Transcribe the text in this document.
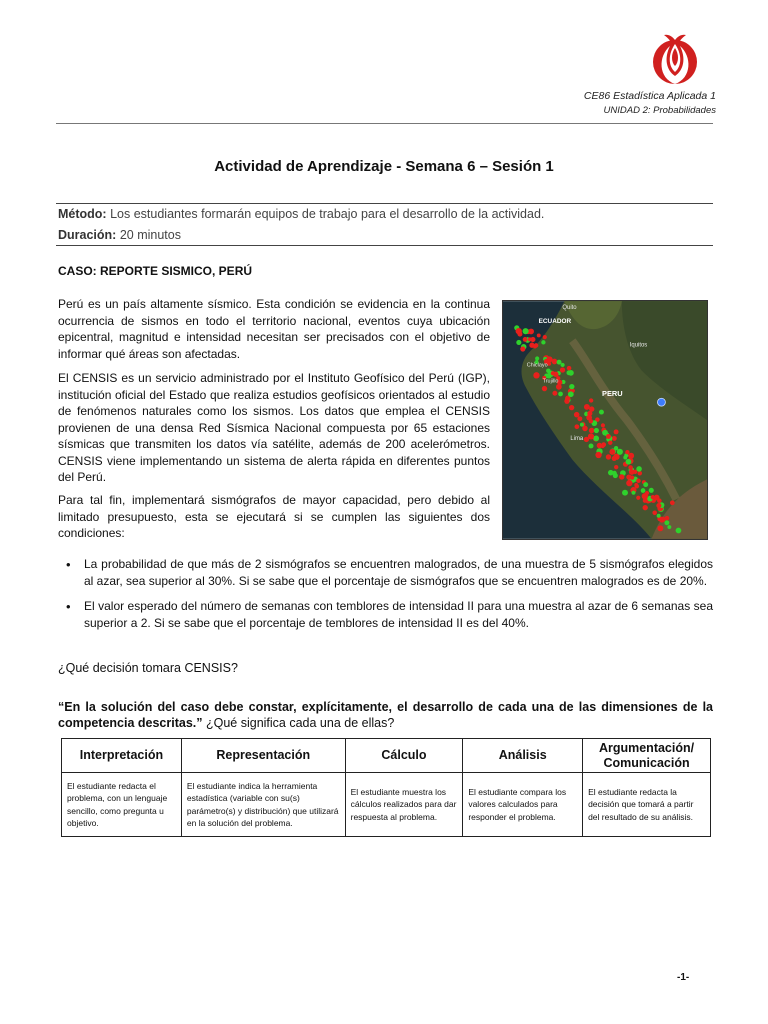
CE86 Estadística Aplicada 1
UNIDAD 2: Probabilidades
Actividad de Aprendizaje - Semana 6 – Sesión 1
Método: Los estudiantes formarán equipos de trabajo para el desarrollo de la actividad.
Duración: 20 minutos
CASO: REPORTE SISMICO, PERÚ

Perú es un país altamente sísmico. Esta condición se evidencia en la continua ocurrencia de sismos en todo el territorio nacional, eventos cuya ubicación epicentral, magnitud e intensidad necesitan ser precisados con el objetivo de informar qué áreas son afectadas.

El CENSIS es un servicio administrado por el Instituto Geofísico del Perú (IGP), institución oficial del Estado que realiza estudios geofísicos orientados al estudio de fenómenos naturales como los sismos. Los datos que emplea el CENSIS provienen de una densa Red Sísmica Nacional compuesta por 65 estaciones sísmicas que transmiten los datos vía satélite, además de 200 acelerómetros. CENSIS viene implementando un sistema de alerta rápida en diferentes puntos del Perú.

Para tal fin, implementará sismógrafos de mayor capacidad, pero debido al limitado presupuesto, esta se ejecutará si se cumplen las siguientes dos condiciones:

Quito
ECUADOR
PERU
Iquitos
Chiclayo
Trujillo
Lima
• La probabilidad de que más de 2 sismógrafos se encuentren malogrados, de una muestra de 5 sismógrafos elegidos al azar, sea superior al 30%. Si se sabe que el porcentaje de sismógrafos que se encuentren malogrados es de 20%.
• El valor esperado del número de semanas con temblores de intensidad II para una muestra al azar de 6 semanas sea superior a 2. Si se sabe que el porcentaje de temblores de intensidad II es del 40%.
¿Qué decisión tomara CENSIS?
“En la solución del caso debe constar, explícitamente, el desarrollo de cada una de las dimensiones de la competencia descritas.” ¿Qué significa cada una de ellas?
Interpretación	Representación	Cálculo	Análisis	Argumentación/ Comunicación
El estudiante redacta el problema, con un lenguaje sencillo, como pregunta u objetivo.	El estudiante indica la herramienta estadística (variable con su(s) parámetro(s) y distribución) que utilizará en la solución del problema.	El estudiante muestra los cálculos realizados para dar respuesta al problema.	El estudiante compara los valores calculados para responder el problema.	El estudiante redacta la decisión que tomará a partir del resultado de su análisis.
-1-
